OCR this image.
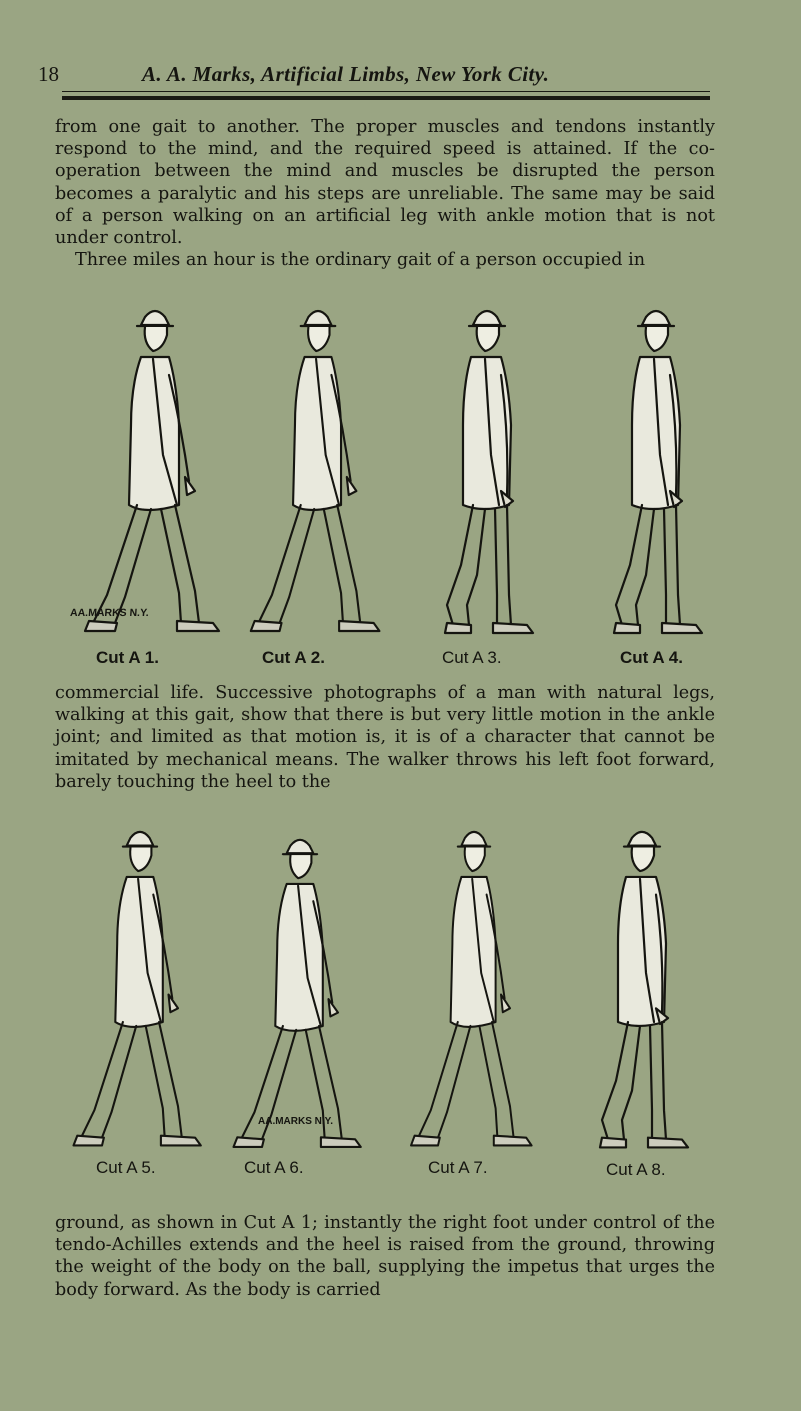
18	A. A. Marks, Artificial Limbs, New York City.

from one gait to another. The proper muscles and tendons instantly respond to the mind, and the required speed is attained. If the co-operation between the mind and muscles be disrupted the person becomes a paralytic and his steps are unreliable. The same may be said of a person walking on an artificial leg with ankle motion that is not under control.

Three miles an hour is the ordinary gait of a person occupied in

AA.MARKS N.Y.
Cut A 1.	Cut A 2.	Cut A 3.	Cut A 4.

commercial life. Successive photographs of a man with natural legs, walking at this gait, show that there is but very little motion in the ankle joint; and limited as that motion is, it is of a character that cannot be imitated by mechanical means. The walker throws his left foot forward, barely touching the heel to the

AA.MARKS N.Y.
Cut A 5.	Cut A 6.	Cut A 7.	Cut A 8.

ground, as shown in Cut A 1; instantly the right foot under control of the tendo-Achilles extends and the heel is raised from the ground, throwing the weight of the body on the ball, supplying the impetus that urges the body forward. As the body is carried
